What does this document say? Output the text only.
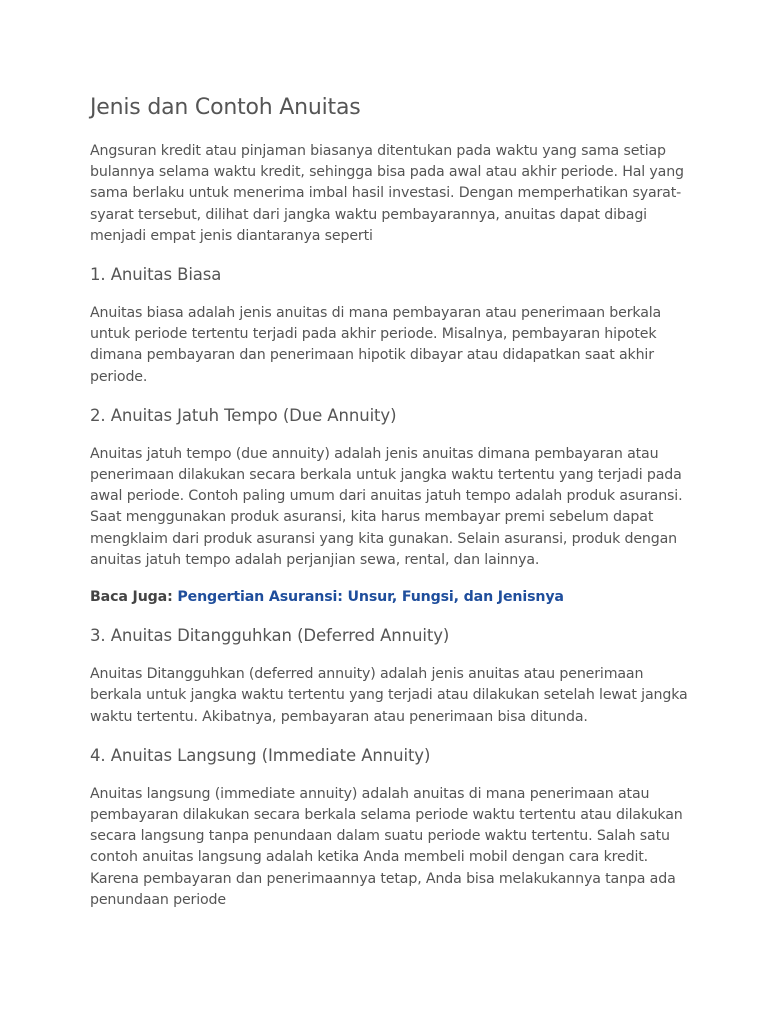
Jenis dan Contoh Anuitas

Angsuran kredit atau pinjaman biasanya ditentukan pada waktu yang sama setiap bulannya selama waktu kredit, sehingga bisa pada awal atau akhir periode. Hal yang sama berlaku untuk menerima imbal hasil investasi. Dengan memperhatikan syarat-syarat tersebut, dilihat dari jangka waktu pembayarannya, anuitas dapat dibagi menjadi empat jenis diantaranya seperti

1. Anuitas Biasa

Anuitas biasa adalah jenis anuitas di mana pembayaran atau penerimaan berkala untuk periode tertentu terjadi pada akhir periode. Misalnya, pembayaran hipotek dimana pembayaran dan penerimaan hipotik dibayar atau didapatkan saat akhir periode.

2. Anuitas Jatuh Tempo (Due Annuity)

Anuitas jatuh tempo (due annuity) adalah jenis anuitas dimana pembayaran atau penerimaan dilakukan secara berkala untuk jangka waktu tertentu yang terjadi pada awal periode. Contoh paling umum dari anuitas jatuh tempo adalah produk asuransi. Saat menggunakan produk asuransi, kita harus membayar premi sebelum dapat mengklaim dari produk asuransi yang kita gunakan. Selain asuransi, produk dengan anuitas jatuh tempo adalah perjanjian sewa, rental, dan lainnya.

Baca Juga: Pengertian Asuransi: Unsur, Fungsi, dan Jenisnya

3. Anuitas Ditangguhkan (Deferred Annuity)

Anuitas Ditangguhkan (deferred annuity) adalah jenis anuitas atau penerimaan berkala untuk jangka waktu tertentu yang terjadi atau dilakukan setelah lewat jangka waktu tertentu. Akibatnya, pembayaran atau penerimaan bisa ditunda.

4. Anuitas Langsung (Immediate Annuity)

Anuitas langsung (immediate annuity) adalah anuitas di mana penerimaan atau pembayaran dilakukan secara berkala selama periode waktu tertentu atau dilakukan secara langsung tanpa penundaan dalam suatu periode waktu tertentu. Salah satu contoh anuitas langsung adalah ketika Anda membeli mobil dengan cara kredit. Karena pembayaran dan penerimaannya tetap, Anda bisa melakukannya tanpa ada penundaan periode
